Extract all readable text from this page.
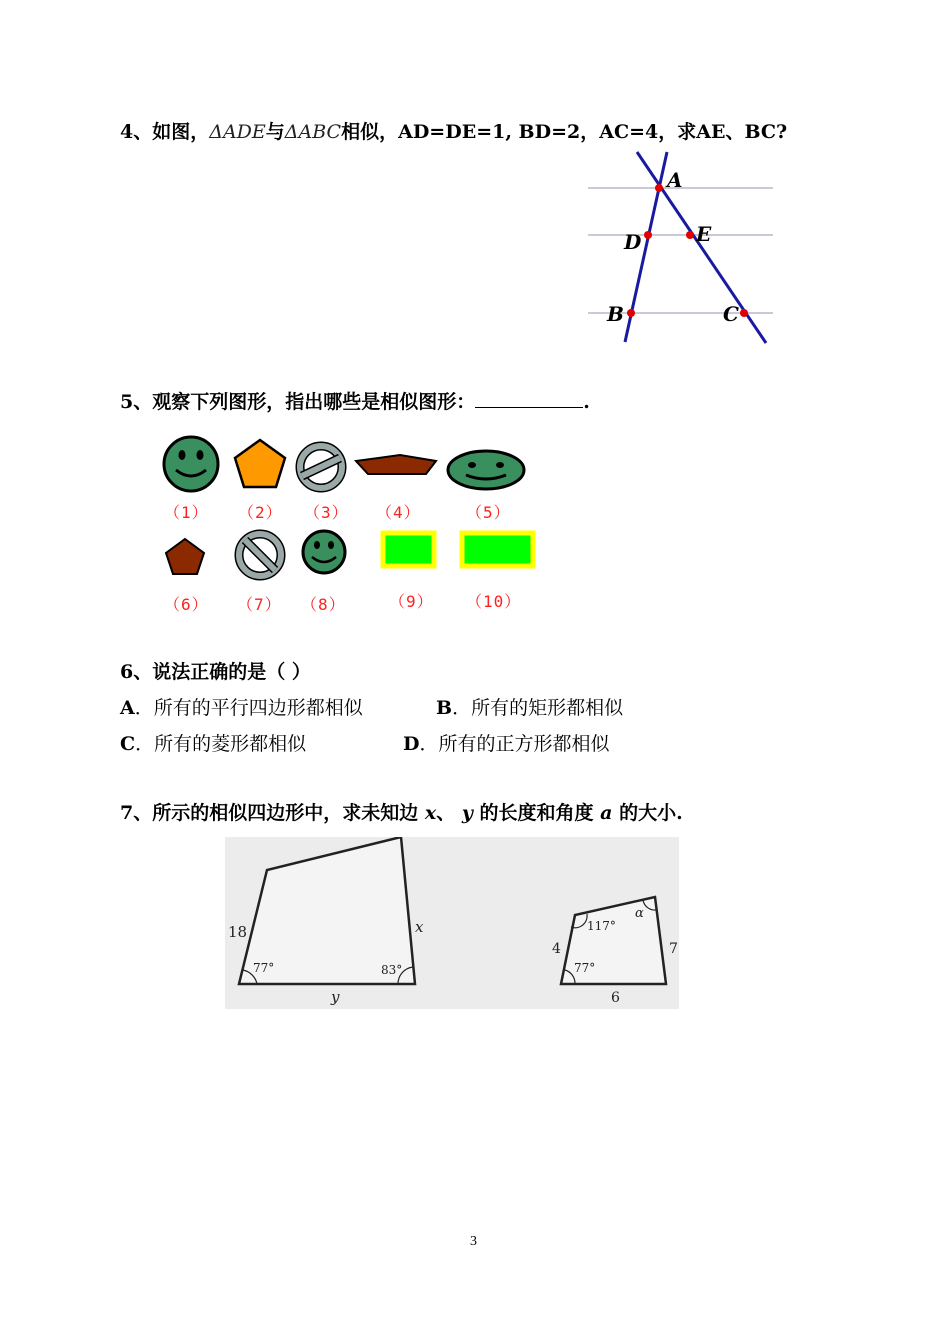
4、如图，ΔADE与ΔABC相似，AD=DE=1, BD=2，AC=4，求AE、BC?
A
D	E
B	C
5、观察下列图形，指出哪些是相似图形：	.
（1） （2） （3） （4）	（5）
（6） （7） （8）	（9） （10）
6、说法正确的是（ ）
A．所有的平行四边形都相似	B．所有的矩形都相似
C．所有的菱形都相似	D．所有的正方形都相似
7、所示的相似四边形中，求未知边 x、 y 的长度和角度 a 的大小.
18	x
y
77°	83°
4	7
6
117°
77°
α
3
